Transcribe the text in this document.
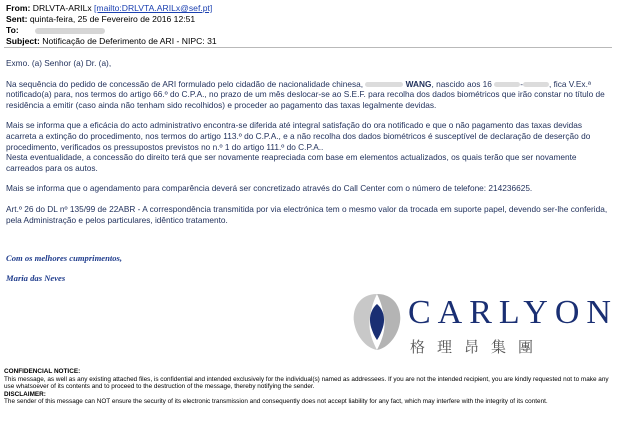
From: DRLVTA-ARILx [mailto:DRLVTA.ARILx@sef.pt]
Sent: quinta-feira, 25 de Fevereiro de 2016 12:51
To:
Subject: Notificação de Deferimento de ARI - NIPC: 31

Exmo. (a) Senhor (a) Dr. (a),

Na sequência do pedido de concessão de ARI formulado pelo cidadão de nacionalidade chinesa,	WANG, nascido aos 16	-	, fica V.Ex.ª notificado(a) para, nos termos do artigo 66.º do C.P.A., no prazo de um mês deslocar-se ao S.E.F. para recolha dos dados biométricos que irão constar no título de residência a emitir (caso ainda não tenham sido recolhidos) e proceder ao pagamento das taxas legalmente devidas.

Mais se informa que a eficácia do acto administrativo encontra-se diferida até integral satisfação do ora notificado e que o não pagamento das taxas devidas acarreta a extinção do procedimento, nos termos do artigo 113.º do C.P.A., e a não recolha dos dados biométricos é susceptível de declaração de deserção do procedimento, verificados os pressupostos previstos no n.º 1 do artigo 111.º do C.P.A..

Nesta eventualidade, a concessão do direito terá que ser novamente reapreciada com base em elementos actualizados, os quais terão que ser novamente carreados para os autos.

Mais se informa que o agendamento para comparência deverá ser concretizado através do Call Center com o número de telefone: 214236625.

Art.º 26 do DL nº 135/99 de 22ABR - A correspondência transmitida por via electrónica tem o mesmo valor da trocada em suporte papel, devendo ser-lhe conferida, pela Administração e pelos particulares, idêntico tratamento.

Com os melhores cumprimentos,
Maria das Neves
CARLYON
格理昂集團
CONFIDENCIAL NOTICE:
This message, as well as any existing attached files, is confidential and intended exclusively for the individual(s) named as addressees. If you are not the intended recipient, you are kindly requested not to make any use whatsoever of its contents and to proceed to the destruction of the message, thereby notifying the sender.
DISCLAIMER:
The sender of this message can NOT ensure the security of its electronic transmission and consequently does not accept liability for any fact, which may interfere with the integrity of its content.
